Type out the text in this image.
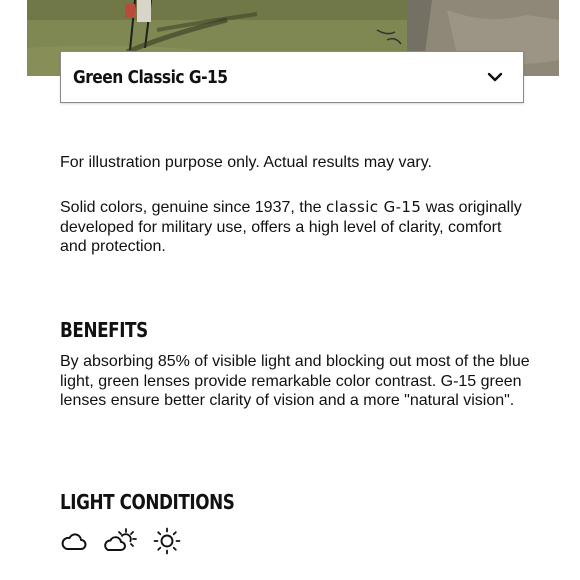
Green Classic G-15

For illustration purpose only. Actual results may vary.

Solid colors, genuine since 1937, the classic G-15 was originally developed for military use, offers a high level of clarity, comfort and protection.

BENEFITS

By absorbing 85% of visible light and blocking out most of the blue light, green lenses provide remarkable color contrast. G-15 green lenses ensure better clarity of vision and a more "natural vision".

LIGHT CONDITIONS
